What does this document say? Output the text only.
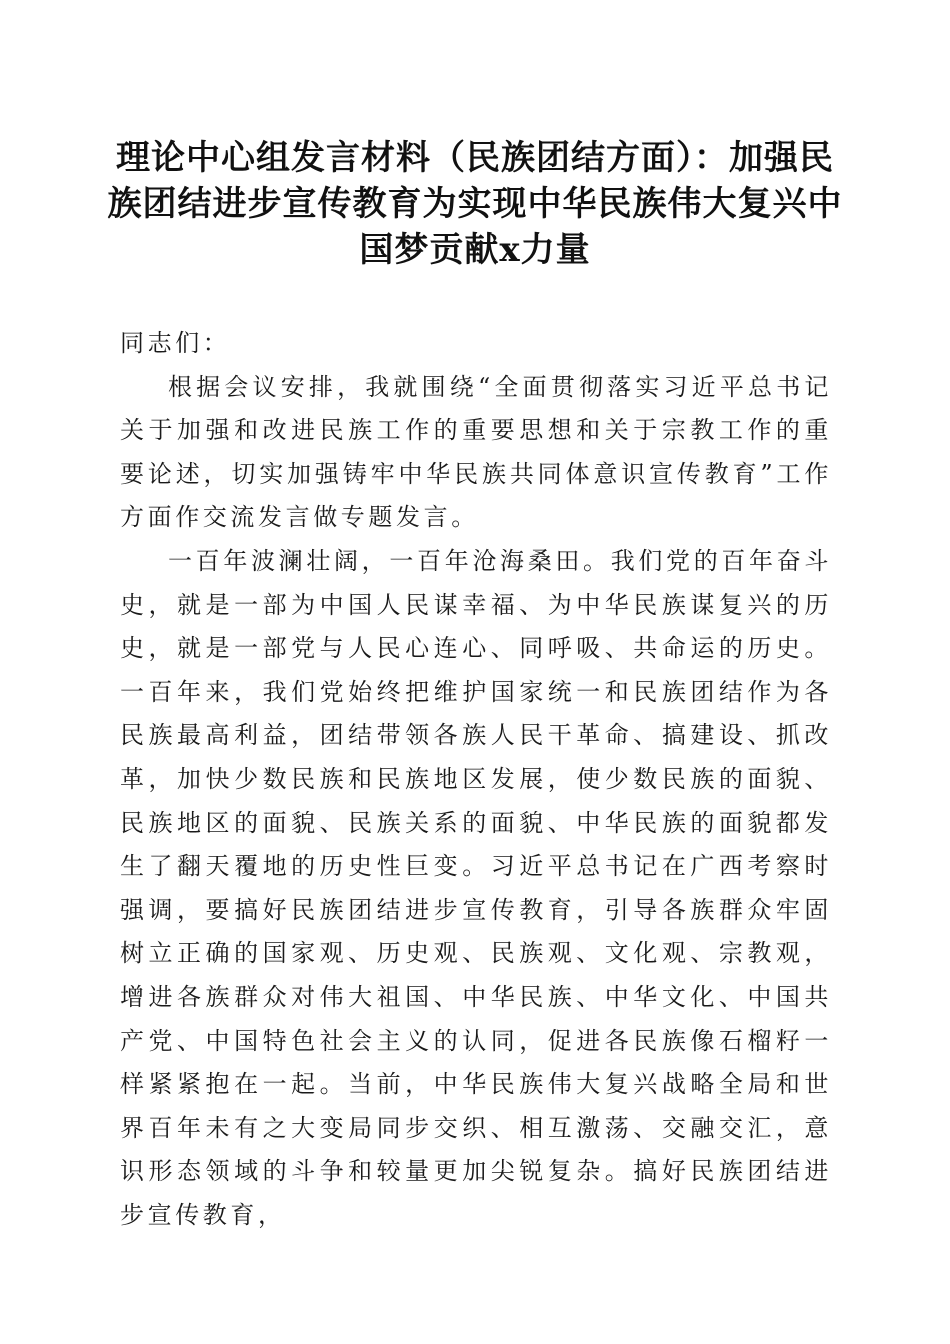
理论中心组发言材料（民族团结方面）：加强民族团结进步宣传教育为实现中华民族伟大复兴中国梦贡献x力量

同志们：

根据会议安排，我就围绕“全面贯彻落实习近平总书记关于加强和改进民族工作的重要思想和关于宗教工作的重要论述，切实加强铸牢中华民族共同体意识宣传教育”工作方面作交流发言做专题发言。

一百年波澜壮阔，一百年沧海桑田。我们党的百年奋斗史，就是一部为中国人民谋幸福、为中华民族谋复兴的历史，就是一部党与人民心连心、同呼吸、共命运的历史。一百年来，我们党始终把维护国家统一和民族团结作为各民族最高利益，团结带领各族人民干革命、搞建设、抓改革，加快少数民族和民族地区发展，使少数民族的面貌、民族地区的面貌、民族关系的面貌、中华民族的面貌都发生了翻天覆地的历史性巨变。习近平总书记在广西考察时强调，要搞好民族团结进步宣传教育，引导各族群众牢固树立正确的国家观、历史观、民族观、文化观、宗教观，增进各族群众对伟大祖国、中华民族、中华文化、中国共产党、中国特色社会主义的认同，促进各民族像石榴籽一样紧紧抱在一起。当前，中华民族伟大复兴战略全局和世界百年未有之大变局同步交织、相互激荡、交融交汇，意识形态领域的斗争和较量更加尖锐复杂。搞好民族团结进步宣传教育，
